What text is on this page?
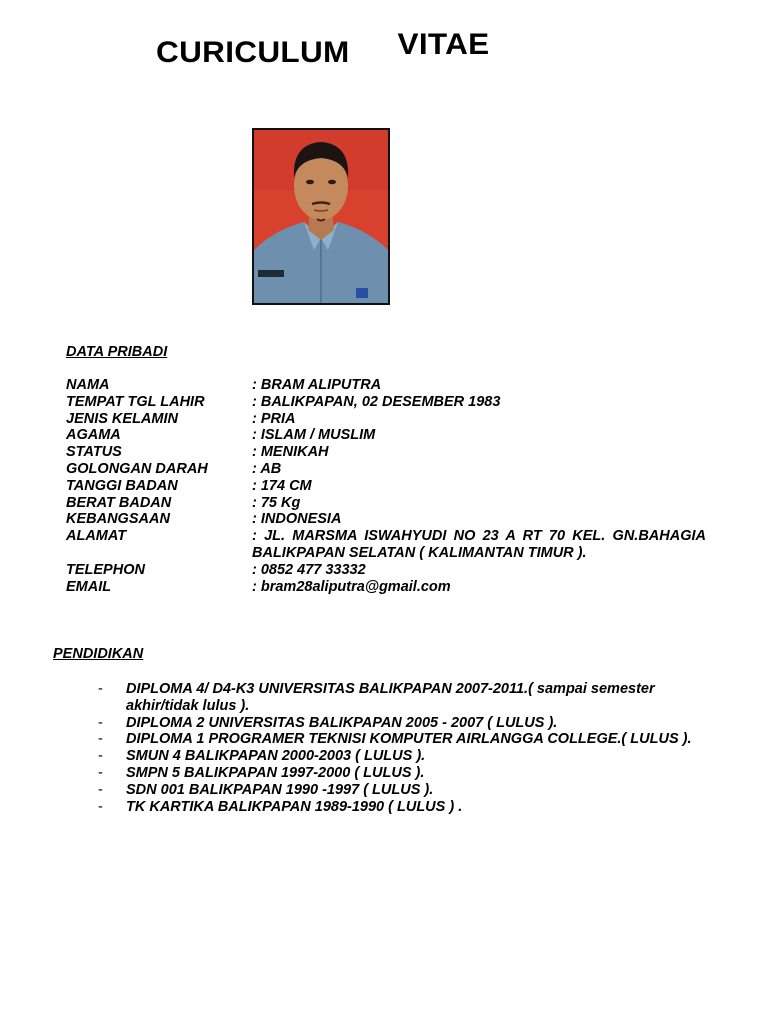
CURICULUM VITAE
DATA PRIBADI
NAMA	: BRAM ALIPUTRA
TEMPAT TGL LAHIR	: BALIKPAPAN, 02 DESEMBER 1983
JENIS KELAMIN	: PRIA
AGAMA	: ISLAM / MUSLIM
STATUS	: MENIKAH
GOLONGAN DARAH	: AB
TANGGI BADAN	: 174 CM
BERAT BADAN	: 75 Kg
KEBANGSAAN	: INDONESIA
ALAMAT	: JL. MARSMA ISWAHYUDI NO 23 A RT 70 KEL. GN.BAHAGIA BALIKPAPAN SELATAN ( KALIMANTAN TIMUR ).
TELEPHON	: 0852 477 33332
EMAIL	: bram28aliputra@gmail.com
PENDIDIKAN
-	DIPLOMA 4/ D4-K3 UNIVERSITAS BALIKPAPAN 2007-2011.( sampai semester akhir/tidak lulus ).
-	DIPLOMA 2 UNIVERSITAS BALIKPAPAN 2005 - 2007 ( LULUS ).
-	DIPLOMA 1 PROGRAMER TEKNISI KOMPUTER AIRLANGGA COLLEGE.( LULUS ).
-	SMUN 4 BALIKPAPAN 2000-2003 ( LULUS ).
-	SMPN 5 BALIKPAPAN 1997-2000 ( LULUS ).
-	SDN 001 BALIKPAPAN 1990 -1997 ( LULUS ).
-	TK KARTIKA BALIKPAPAN 1989-1990 ( LULUS ) .
